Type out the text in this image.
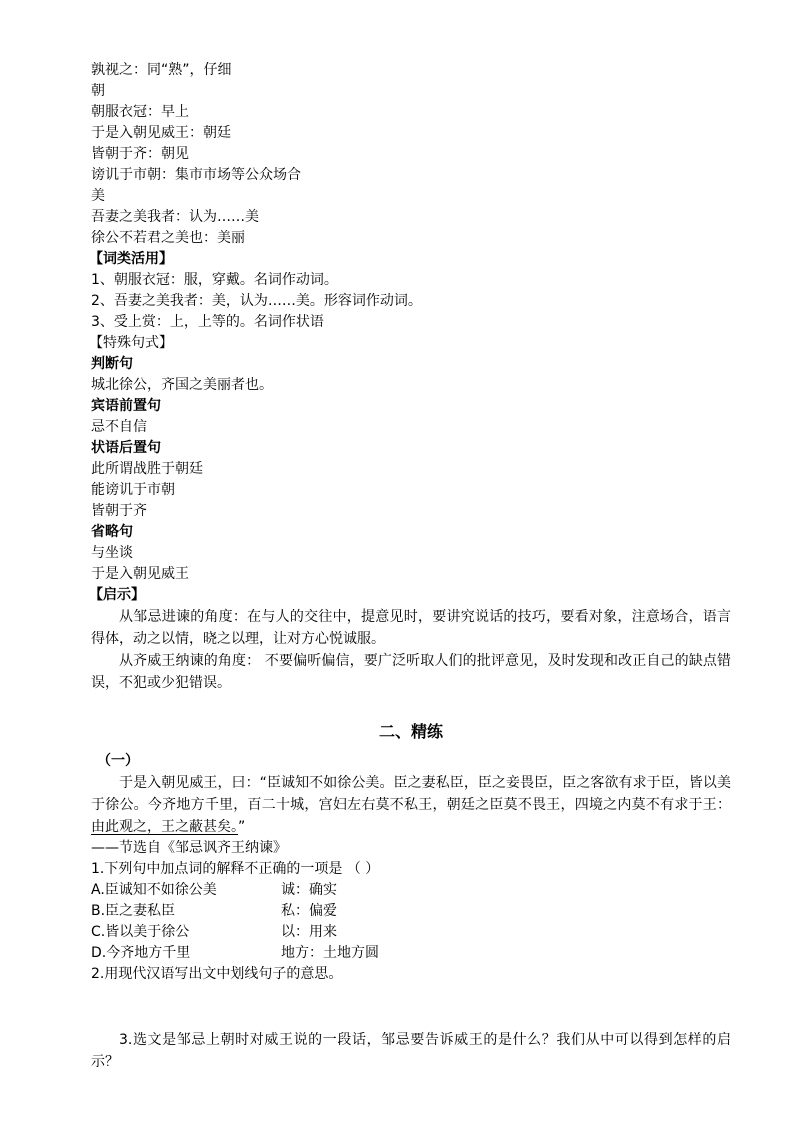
孰视之：同“熟”，仔细
朝
朝服衣冠：早上
于是入朝见威王：朝廷
皆朝于齐：朝见
谤讥于市朝：集市市场等公众场合
美
吾妻之美我者：认为……美
徐公不若君之美也：美丽
【词类活用】
1、朝服衣冠：服，穿戴。名词作动词。
2、吾妻之美我者：美，认为……美。形容词作动词。
3、受上赏：上，上等的。名词作状语
【特殊句式】
判断句
城北徐公，齐国之美丽者也。
宾语前置句
忌不自信
状语后置句
此所谓战胜于朝廷
能谤讥于市朝
皆朝于齐
省略句
与坐谈
于是入朝见威王
【启示】
从邹忌进谏的角度：在与人的交往中，提意见时，要讲究说话的技巧，要看对象，注意场合，语言得体，动之以情，晓之以理，让对方心悦诚服。
从齐威王纳谏的角度： 不要偏听偏信，要广泛听取人们的批评意见，及时发现和改正自己的缺点错误，不犯或少犯错误。
二、精练
（一）
于是入朝见威王，曰：“臣诚知不如徐公美。臣之妻私臣，臣之妾畏臣，臣之客欲有求于臣，皆以美于徐公。今齐地方千里，百二十城，宫妇左右莫不私王，朝廷之臣莫不畏王，四境之内莫不有求于王：由此观之，王之蔽甚矣。”
——节选自《邹忌讽齐王纳谏》
1.下列句中加点词的解释不正确的一项是 （ ）
A.臣诚知不如徐公美	诚：确实
B.臣之妻私臣	私：偏爱
C.皆以美于徐公	以：用来
D.今齐地方千里	地方：土地方圆
2.用现代汉语写出文中划线句子的意思。
3.选文是邹忌上朝时对威王说的一段话，邹忌要告诉威王的是什么？我们从中可以得到怎样的启示？
